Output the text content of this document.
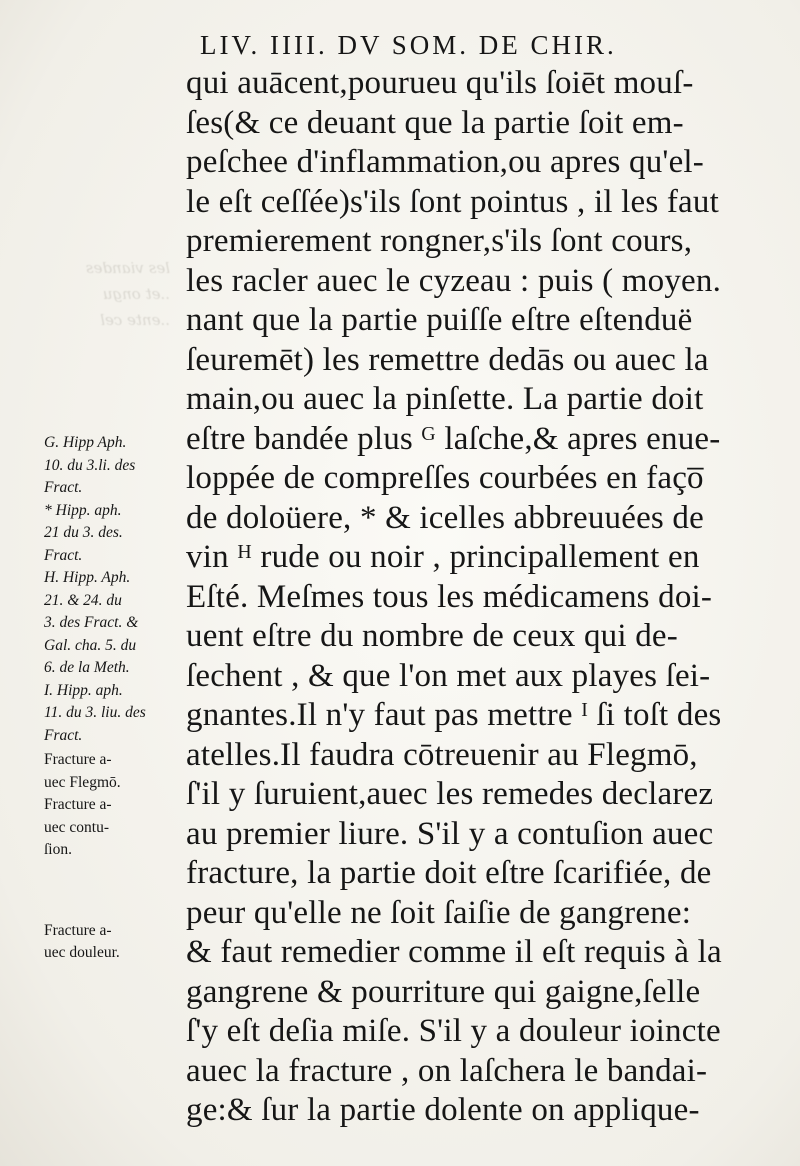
les viandes
..et ongu
..ente cel
LIV. IIII. DV SOM. DE CHIR.
qui auācent,pourueu qu'ils ſoiēt mouſ-
ſes(& ce deuant que la partie ſoit em-
peſchee d'inflammation,ou apres qu'el-
le eſt ceſſée)s'ils ſont pointus , il les faut
premierement rongner,s'ils ſont cours,
les racler auec le cyzeau : puis ( moyen.
nant que la partie puiſſe eſtre eſtenduë
ſeuremēt) les remettre dedās ou auec la
main,ou auec la pinſette. La partie doit
eſtre bandée plus ᴳ laſche,& apres enue-
loppée de compreſſes courbées en faço̅
de doloüere, * & icelles abbreuuées de
vin ᴴ rude ou noir , principallement en
Eſté. Meſmes tous les médicamens doi-
uent eſtre du nombre de ceux qui de-
ſechent , & que l'on met aux playes ſei-
gnantes.Il n'y faut pas mettre ᴵ ſi toſt des
atelles.Il faudra cōtreuenir au Flegmō,
ſ'il y ſuruient,auec les remedes declarez
au premier liure. S'il y a contuſion auec
fracture, la partie doit eſtre ſcarifiée, de
peur qu'elle ne ſoit ſaiſie de gangrene:
& faut remedier comme il eſt requis à la
gangrene & pourriture qui gaigne,ſelle
ſ'y eſt deſia miſe. S'il y a douleur ioincte
auec la fracture , on laſchera le bandai-
ge:& ſur la partie dolente on applique-
G. Hipp Aph.
10. du 3.li. des
Fract.
* Hipp. aph.
21 du 3. des.
Fract.
H. Hipp. Aph.
21. & 24. du
3. des Fract. &
Gal. cha. 5. du
6. de la Meth.
I. Hipp. aph.
11. du 3. liu. des
Fract.
Fracture a-
uec Flegmō.
Fracture a-
uec contu-
ſion.
Fracture a-
uec douleur.
